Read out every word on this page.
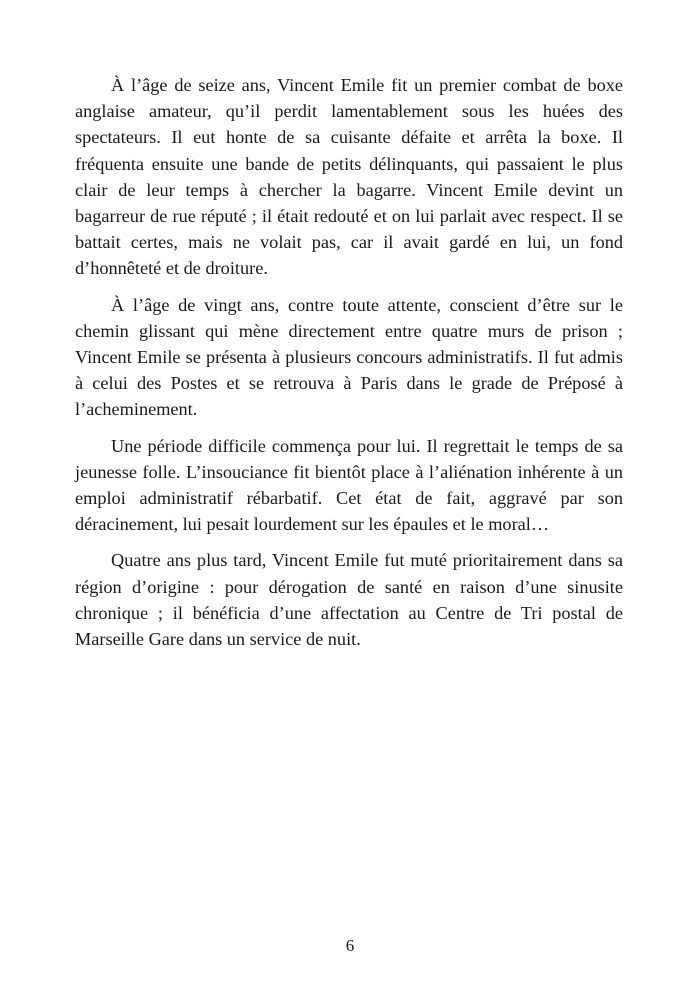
À l’âge de seize ans, Vincent Emile fit un premier combat de boxe anglaise amateur, qu’il perdit lamentablement sous les huées des spectateurs. Il eut honte de sa cuisante défaite et arrêta la boxe. Il fréquenta ensuite une bande de petits délinquants, qui passaient le plus clair de leur temps à chercher la bagarre. Vincent Emile devint un bagarreur de rue réputé ; il était redouté et on lui parlait avec respect. Il se battait certes, mais ne volait pas, car il avait gardé en lui, un fond d’honnêteté et de droiture.

À l’âge de vingt ans, contre toute attente, conscient d’être sur le chemin glissant qui mène directement entre quatre murs de prison ; Vincent Emile se présenta à plusieurs concours administratifs. Il fut admis à celui des Postes et se retrouva à Paris dans le grade de Préposé à l’acheminement.

Une période difficile commença pour lui. Il regrettait le temps de sa jeunesse folle. L’insouciance fit bientôt place à l’aliénation inhérente à un emploi administratif rébarbatif. Cet état de fait, aggravé par son déracinement, lui pesait lourdement sur les épaules et le moral…

Quatre ans plus tard, Vincent Emile fut muté prioritairement dans sa région d’origine : pour dérogation de santé en raison d’une sinusite chronique ; il bénéficia d’une affectation au Centre de Tri postal de Marseille Gare dans un service de nuit.

6
